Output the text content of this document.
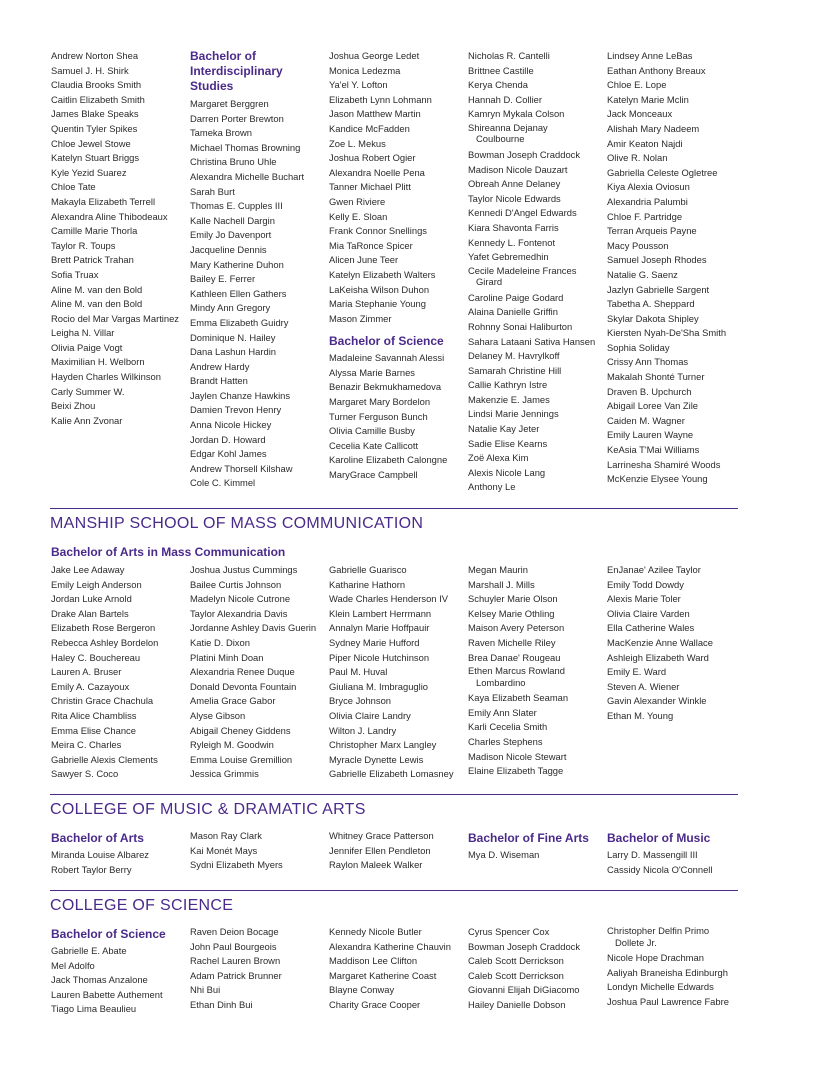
Andrew Norton Shea
Samuel J. H. Shirk
Claudia Brooks Smith
Caitlin Elizabeth Smith
James Blake Speaks
Quentin Tyler Spikes
Chloe Jewel Stowe
Katelyn Stuart Briggs
Kyle Yezid Suarez
Chloe Tate
Makayla Elizabeth Terrell
Alexandra Aline Thibodeaux
Camille Marie Thorla
Taylor R. Toups
Brett Patrick Trahan
Sofia Truax
Aline M. van den Bold
Aline M. van den Bold
Rocio del Mar Vargas Martinez
Leigha N. Villar
Olivia Paige Vogt
Maximilian H. Welborn
Hayden Charles Wilkinson
Carly Summer W.
Beixi Zhou
Kalie Ann Zvonar
Bachelor of Interdisciplinary Studies
Margaret Berggren
Darren Porter Brewton
Tameka Brown
Michael Thomas Browning
Christina Bruno Uhle
Alexandra Michelle Buchart
Sarah Burt
Thomas E. Cupples III
Kalle Nachell Dargin
Emily Jo Davenport
Jacqueline Dennis
Mary Katherine Duhon
Bailey E. Ferrer
Kathleen Ellen Gathers
Mindy Ann Gregory
Emma Elizabeth Guidry
Dominique N. Hailey
Dana Lashun Hardin
Andrew Hardy
Brandt Hatten
Jaylen Chanze Hawkins
Damien Trevon Henry
Anna Nicole Hickey
Jordan D. Howard
Edgar Kohl James
Andrew Thorsell Kilshaw
Cole C. Kimmel
Joshua George Ledet
Monica Ledezma
Ya'el Y. Lofton
Elizabeth Lynn Lohmann
Jason Matthew Martin
Kandice McFadden
Zoe L. Mekus
Joshua Robert Ogier
Alexandra Noelle Pena
Tanner Michael Plitt
Gwen Riviere
Kelly E. Sloan
Frank Connor Snellings
Mia TaRonce Spicer
Alicen June Teer
Katelyn Elizabeth Walters
LaKeisha Wilson Duhon
Maria Stephanie Young
Mason Zimmer
Bachelor of Science
Madaleine Savannah Alessi
Alyssa Marie Barnes
Benazir Bekmukhamedova
Margaret Mary Bordelon
Turner Ferguson Bunch
Olivia Camille Busby
Cecelia Kate Callicott
Karoline Elizabeth Calongne
MaryGrace Campbell
Nicholas R. Cantelli
Brittnee Castille
Kerya Chenda
Hannah D. Collier
Kamryn Mykala Colson
Shireanna Dejanay
Coulbourne
Bowman Joseph Craddock
Madison Nicole Dauzart
Obreah Anne Delaney
Taylor Nicole Edwards
Kennedi D'Angel Edwards
Kiara Shavonta Farris
Kennedy L. Fontenot
Yafet Gebremedhin
Cecile Madeleine Frances
Girard
Caroline Paige Godard
Alaina Danielle Griffin
Rohnny Sonai Haliburton
Sahara Lataani Sativa Hansen
Delaney M. Havrylkoff
Samarah Christine Hill
Callie Kathryn Istre
Makenzie E. James
Lindsi Marie Jennings
Natalie Kay Jeter
Sadie Elise Kearns
Zoë Alexa Kim
Alexis Nicole Lang
Anthony Le
Lindsey Anne LeBas
Eathan Anthony Breaux
Chloe E. Lope
Katelyn Marie Mclin
Jack Monceaux
Alishah Mary Nadeem
Amir Keaton Najdi
Olive R. Nolan
Gabriella Celeste Ogletree
Kiya Alexia Oviosun
Alexandria Palumbi
Chloe F. Partridge
Terran Arqueis Payne
Macy Pousson
Samuel Joseph Rhodes
Natalie G. Saenz
Jazlyn Gabrielle Sargent
Tabetha A. Sheppard
Skylar Dakota Shipley
Kiersten Nyah-De'Sha Smith
Sophia Soliday
Crissy Ann Thomas
Makalah Shonté Turner
Draven B. Upchurch
Abigail Loree Van Zile
Caiden M. Wagner
Emily Lauren Wayne
KeAsia T'Mai Williams
Larrinesha Shamiré Woods
McKenzie Elysee Young
MANSHIP SCHOOL OF MASS COMMUNICATION
Bachelor of Arts in Mass Communication
Jake Lee Adaway
Emily Leigh Anderson
Jordan Luke Arnold
Drake Alan Bartels
Elizabeth Rose Bergeron
Rebecca Ashley Bordelon
Haley C. Bouchereau
Lauren A. Bruser
Emily A. Cazayoux
Christin Grace Chachula
Rita Alice Chambliss
Emma Elise Chance
Meira C. Charles
Gabrielle Alexis Clements
Sawyer S. Coco
Joshua Justus Cummings
Bailee Curtis Johnson
Madelyn Nicole Cutrone
Taylor Alexandria Davis
Jordanne Ashley Davis Guerin
Katie D. Dixon
Platini Minh Doan
Alexandria Renee Duque
Donald Devonta Fountain
Amelia Grace Gabor
Alyse Gibson
Abigail Cheney Giddens
Ryleigh M. Goodwin
Emma Louise Gremillion
Jessica Grimmis
Gabrielle Guarisco
Katharine Hathorn
Wade Charles Henderson IV
Klein Lambert Herrmann
Annalyn Marie Hoffpauir
Sydney Marie Hufford
Piper Nicole Hutchinson
Paul M. Huval
Giuliana M. Imbraguglio
Bryce Johnson
Olivia Claire Landry
Wilton J. Landry
Christopher Marx Langley
Myracle Dynette Lewis
Gabrielle Elizabeth Lomasney
Megan Maurin
Marshall J. Mills
Schuyler Marie Olson
Kelsey Marie Othling
Maison Avery Peterson
Raven Michelle Riley
Brea Danae' Rougeau
Ethen Marcus Rowland
Lombardino
Kaya Elizabeth Seaman
Emily Ann Slater
Karli Cecelia Smith
Charles Stephens
Madison Nicole Stewart
Elaine Elizabeth Tagge
EnJanae' Azilee Taylor
Emily Todd Dowdy
Alexis Marie Toler
Olivia Claire Varden
Ella Catherine Wales
MacKenzie Anne Wallace
Ashleigh Elizabeth Ward
Emily E. Ward
Steven A. Wiener
Gavin Alexander Winkle
Ethan M. Young
COLLEGE OF MUSIC & DRAMATIC ARTS
Bachelor of Arts
Miranda Louise Albarez
Robert Taylor Berry
Mason Ray Clark
Kai Monét Mays
Sydni Elizabeth Myers
Whitney Grace Patterson
Jennifer Ellen Pendleton
Raylon Maleek Walker
Bachelor of Fine Arts
Mya D. Wiseman
Bachelor of Music
Larry D. Massengill III
Cassidy Nicola O'Connell
COLLEGE OF SCIENCE
Bachelor of Science
Gabrielle E. Abate
Mel Adolfo
Jack Thomas Anzalone
Lauren Babette Authement
Tiago Lima Beaulieu
Raven Deion Bocage
John Paul Bourgeois
Rachel Lauren Brown
Adam Patrick Brunner
Nhi Bui
Ethan Dinh Bui
Kennedy Nicole Butler
Alexandra Katherine Chauvin
Maddison Lee Clifton
Margaret Katherine Coast
Blayne Conway
Charity Grace Cooper
Cyrus Spencer Cox
Bowman Joseph Craddock
Caleb Scott Derrickson
Caleb Scott Derrickson
Giovanni Elijah DiGiacomo
Hailey Danielle Dobson
Christopher Delfin Primo
Dollete Jr.
Nicole Hope Drachman
Aaliyah Braneisha Edinburgh
Londyn Michelle Edwards
Joshua Paul Lawrence Fabre
